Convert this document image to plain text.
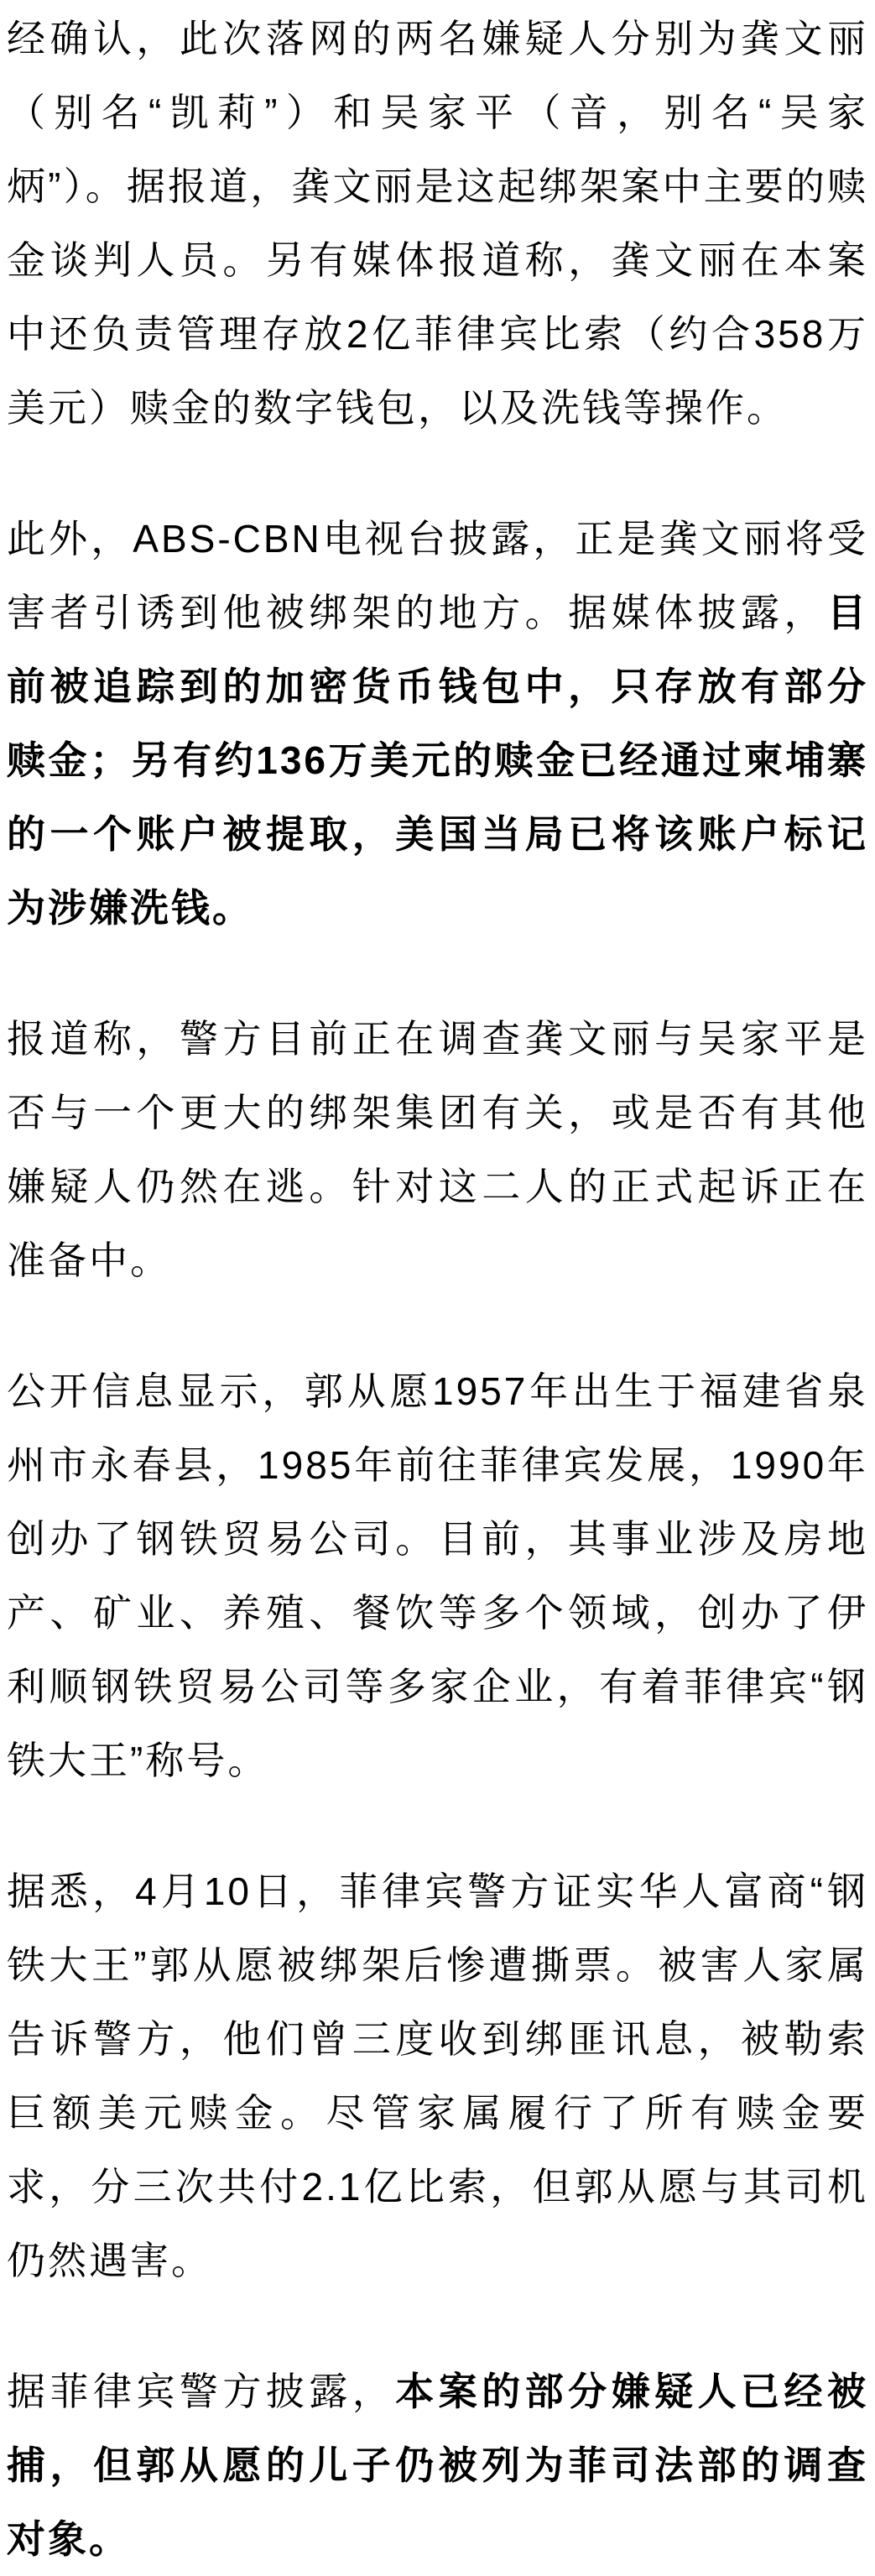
经确认，此次落网的两名嫌疑人分别为龚文丽（别名“凯莉”）和吴家平（音，别名“吴家炳”）。据报道，龚文丽是这起绑架案中主要的赎金谈判人员。另有媒体报道称，龚文丽在本案中还负责管理存放2亿菲律宾比索（约合358万美元）赎金的数字钱包，以及洗钱等操作。

此外，ABS-CBN电视台披露，正是龚文丽将受害者引诱到他被绑架的地方。据媒体披露，目前被追踪到的加密货币钱包中，只存放有部分赎金；另有约136万美元的赎金已经通过柬埔寨的一个账户被提取，美国当局已将该账户标记为涉嫌洗钱。

报道称，警方目前正在调查龚文丽与吴家平是否与一个更大的绑架集团有关，或是否有其他嫌疑人仍然在逃。针对这二人的正式起诉正在准备中。

公开信息显示，郭从愿1957年出生于福建省泉州市永春县，1985年前往菲律宾发展，1990年创办了钢铁贸易公司。目前，其事业涉及房地产、矿业、养殖、餐饮等多个领域，创办了伊利顺钢铁贸易公司等多家企业，有着菲律宾“钢铁大王”称号。

据悉，4月10日，菲律宾警方证实华人富商“钢铁大王”郭从愿被绑架后惨遭撕票。被害人家属告诉警方，他们曾三度收到绑匪讯息，被勒索巨额美元赎金。尽管家属履行了所有赎金要求，分三次共付2.1亿比索，但郭从愿与其司机仍然遇害。

据菲律宾警方披露，本案的部分嫌疑人已经被捕，但郭从愿的儿子仍被列为菲司法部的调查对象。
